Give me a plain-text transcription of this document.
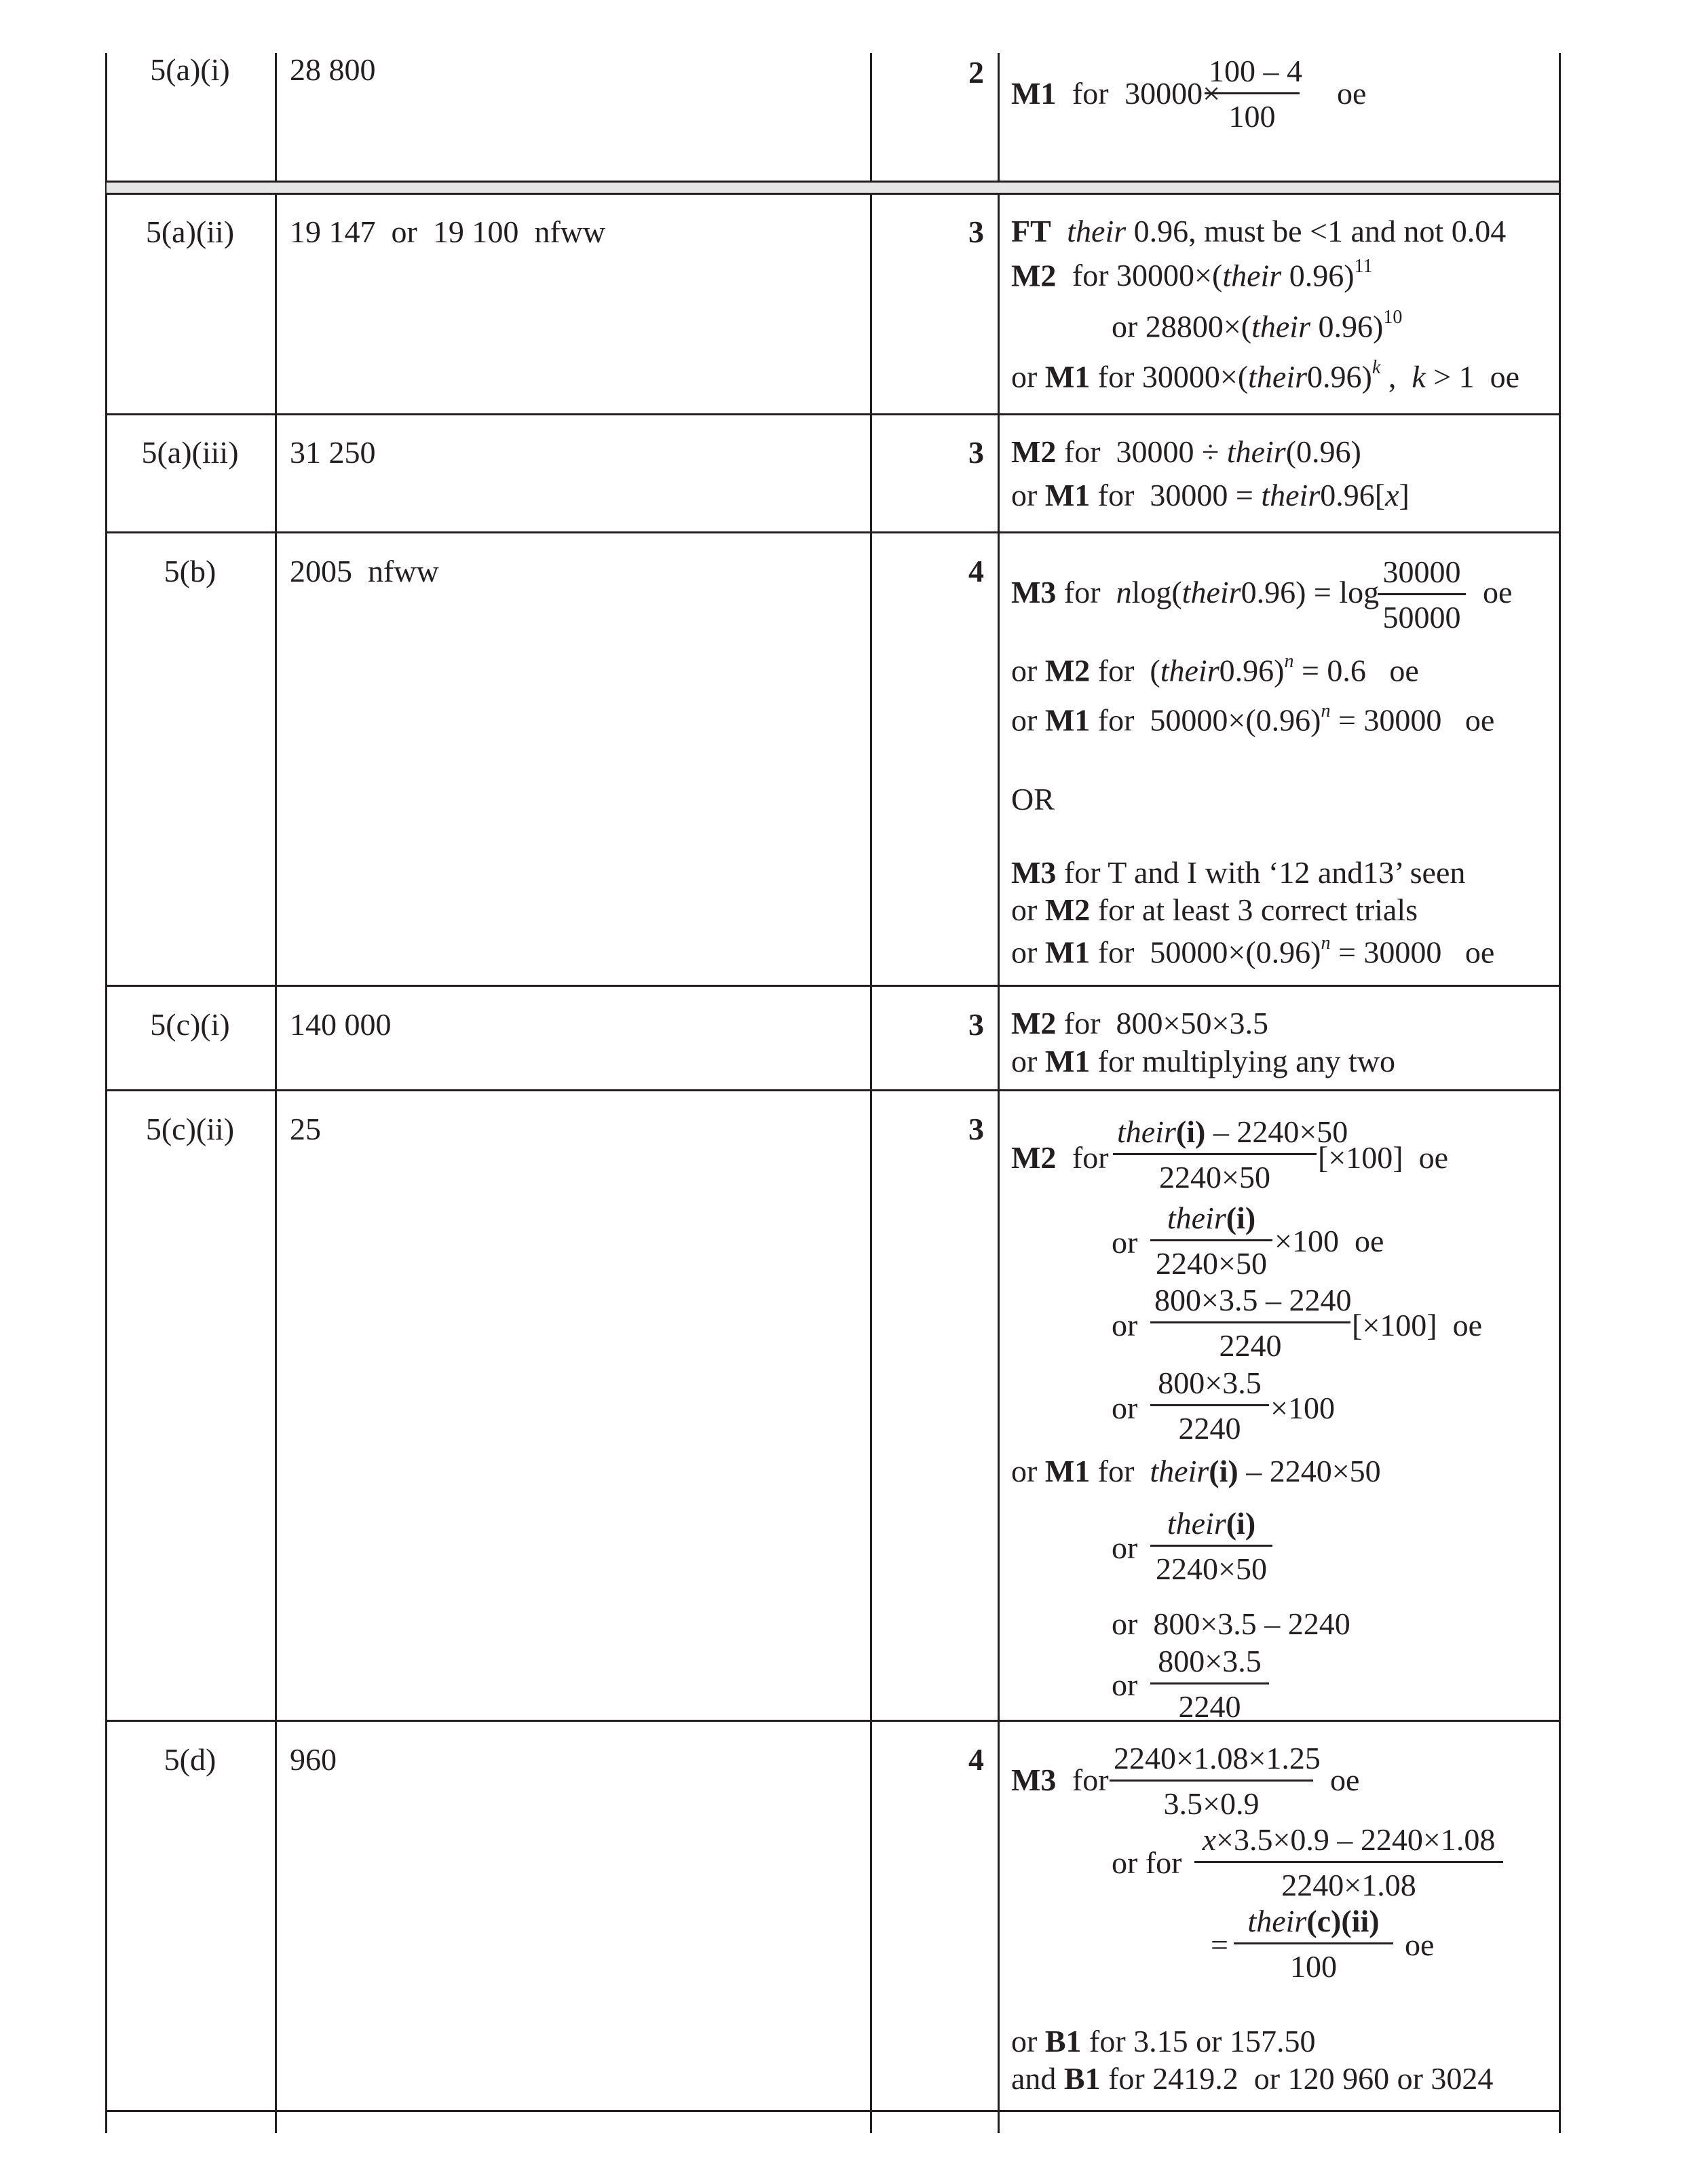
5(a)(i)	28 800	2
M1 for 30000×
100 – 4
100
oe
5(a)(ii)	19 147  or  19 100  nfww	3 FT their 0.96, must be <1 and not 0.04
M2 for 30000×(their 0.96)$^{11}$
or 28800×(their 0.96)$^{10}$
or M1 for 30000×(their0.96)$^k$ ,  k > 1  oe
5(a)(iii)	31 250	3 M2 for  30000 ÷ their(0.96)
or M1 for  30000 = their0.96[x]
5(b)	2005  nfww	4
M3 for  nlog(their0.96) = log
30000
50000
oe
or M2 for  (their0.96)$^n$ = 0.6   oe
or M1 for  $50000\times(0.96)^n = 30000$   oe
OR
M3 for T and I with ‘12 and13’ seen
or M2 for at least 3 correct trials
or M1 for  $50000\times(0.96)^n = 30000$   oe
5(c)(i)	140 000	3 M2 for  800×50×3.5
or M1 for multiplying any two
5(c)(ii)	25	3
M2 for
their(i) – 2240×50
2240×50
[×100]  oe
or
their(i)
2240×50
×100  oe
or
800×3.5 – 2240
2240
[×100]  oe
or
800×3.5
2240
×100
or M1 for  their(i) – 2240×50
or
their(i)
2240×50
or  800×3.5 – 2240
or
800×3.5
2240
5(d)	960	4
M3 for
2240×1.08×1.25
3.5×0.9
oe
or for
x×3.5×0.9 – 2240×1.08
2240×1.08
=
their(c)(ii)
100
oe
or B1 for 3.15 or 157.50
and B1 for 2419.2  or 120 960 or 3024
